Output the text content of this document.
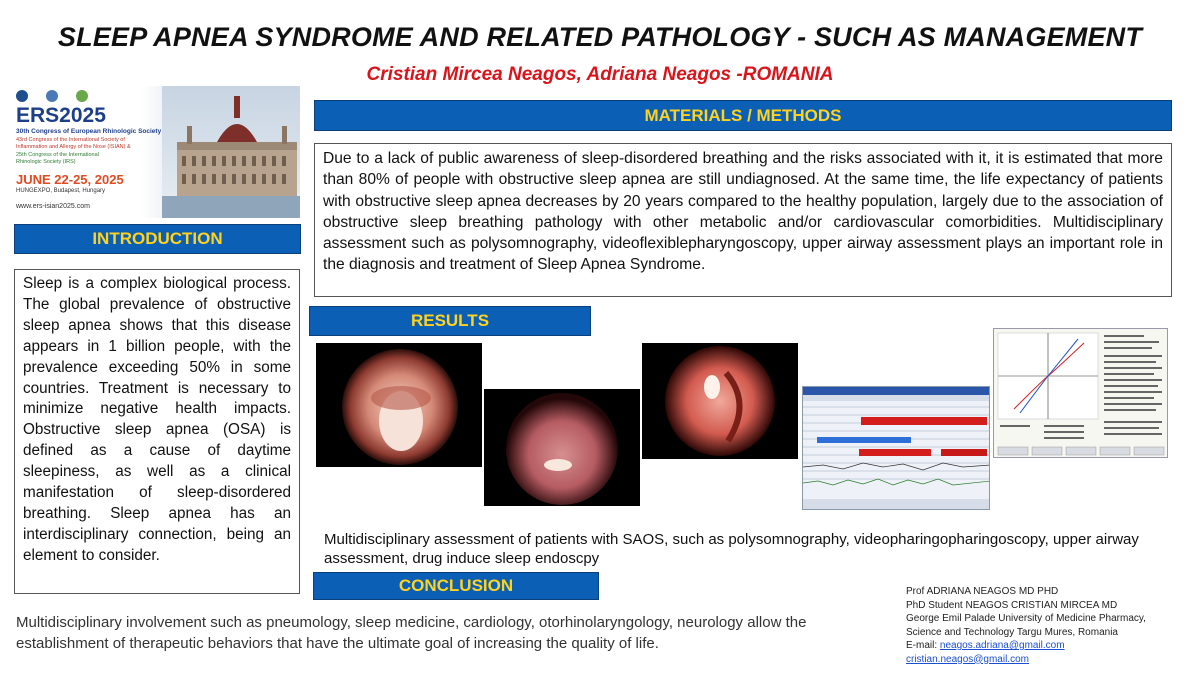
SLEEP APNEA SYNDROME AND RELATED PATHOLOGY - SUCH AS MANAGEMENT
Cristian Mircea Neagos, Adriana Neagos -ROMANIA
ERS2025
30th Congress of European Rhinologic Society
43rd Congress of the International Society of
Inflammation and Allergy of the Nose (ISIAN) &
25th Congress of the International
Rhinologic Society (IRS)
JUNE 22-25, 2025
HUNGEXPO, Budapest, Hungary
www.ers-isian2025.com
INTRODUCTION
Sleep is a complex biological process. The global prevalence of obstructive sleep apnea shows that this disease appears in 1 billion people, with the prevalence exceeding 50% in some countries. Treatment is necessary to minimize negative health impacts. Obstructive sleep apnea (OSA) is defined as a cause of daytime sleepiness, as well as a clinical manifestation of sleep-disordered breathing. Sleep apnea has an interdisciplinary connection, being an element to consider.
MATERIALS / METHODS
Due to a lack of public awareness of sleep-disordered breathing and the risks associated with it, it is estimated that more than 80% of people with obstructive sleep apnea are still undiagnosed. At the same time, the life expectancy of patients with obstructive sleep apnea decreases by 20 years compared to the healthy population, largely due to the association of obstructive sleep breathing pathology with other metabolic and/or cardiovascular comorbidities. Multidisciplinary assessment such as polysomnography, videoflexiblepharyngoscopy, upper airway assessment plays an important role in the diagnosis and treatment of Sleep Apnea Syndrome.
RESULTS
Multidisciplinary assessment of patients with SAOS, such as polysomnography, videopharingopharingoscopy, upper airway assessment, drug induce sleep endoscpy
CONCLUSION
Multidisciplinary involvement such as pneumology, sleep medicine, cardiology, otorhinolaryngology, neurology allow the establishment of therapeutic behaviors that have the ultimate goal of increasing the quality of life.
Prof ADRIANA NEAGOS MD PHD
PhD Student NEAGOS CRISTIAN MIRCEA MD
George Emil Palade University of Medicine Pharmacy,
Science and Technology Targu Mures, Romania
E-mail: neagos.adriana@gmail.com
cristian.neagos@gmail.com
